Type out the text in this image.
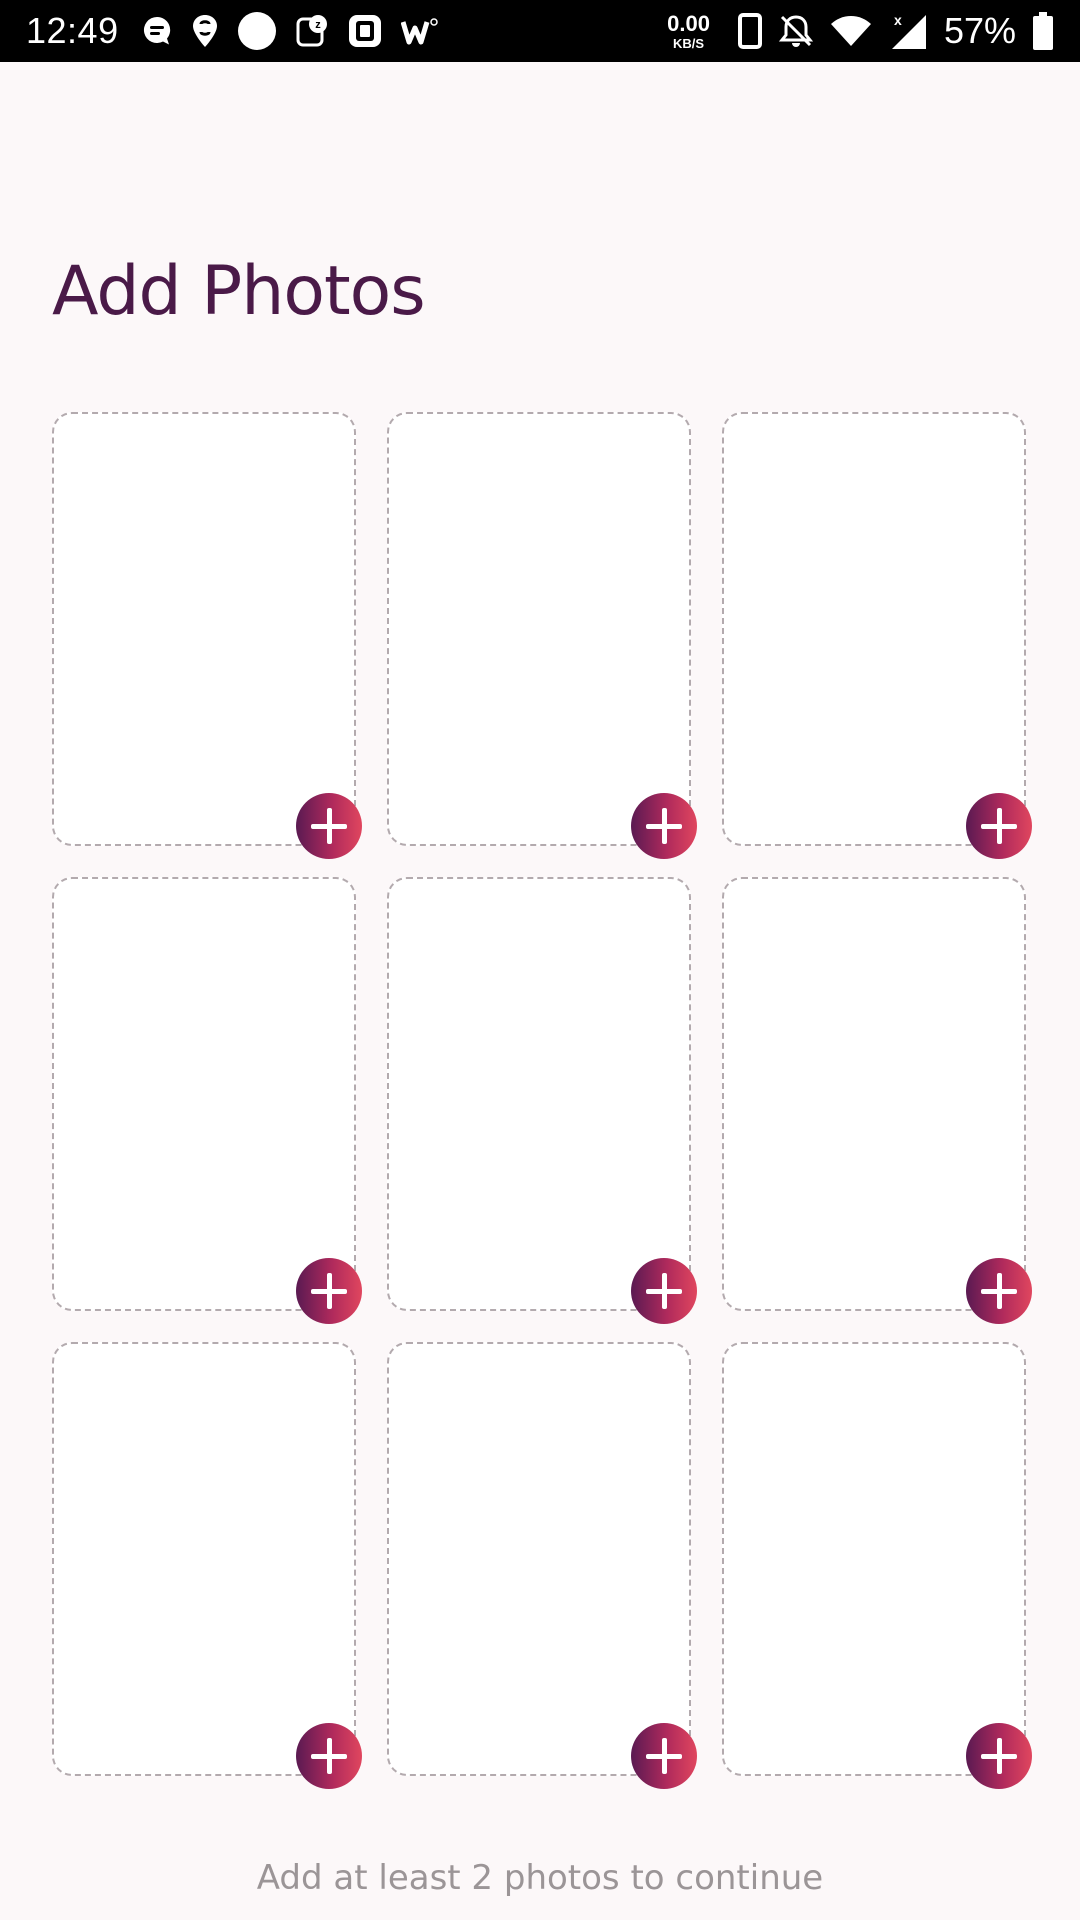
12:49	z	0.00
KB/S
x 57%
Add Photos
Add at least 2 photos to continue
